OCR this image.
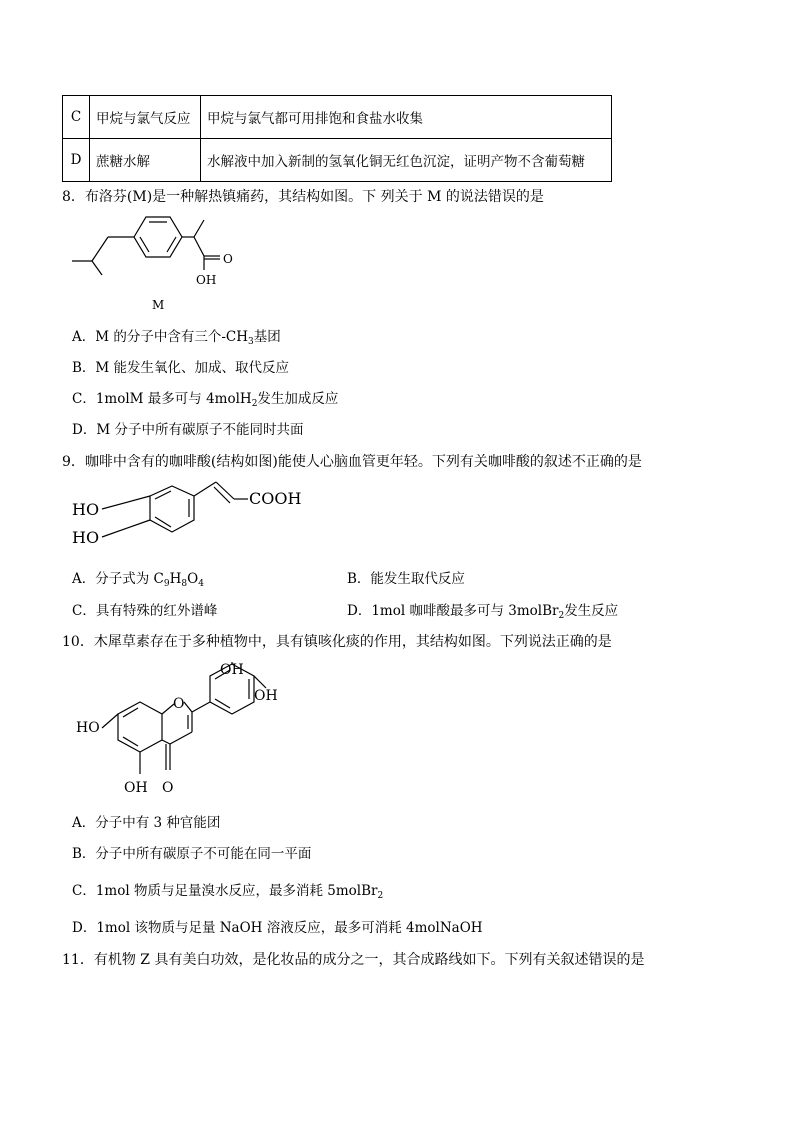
C	甲烷与氯气反应	甲烷与氯气都可用排饱和食盐水收集
D	蔗糖水解	水解液中加入新制的氢氧化铜无红色沉淀，证明产物不含葡萄糖
8．布洛芬(M)是一种解热镇痛药，其结构如图。下 列关于 M 的说法错误的是
O
OH
M
A．M 的分子中含有三个$-CH_3$基团
B．M 能发生氧化、加成、取代反应
C．1molM 最多可与 4molH$_2$发生加成反应
D．M 分子中所有碳原子不能同时共面
9．咖啡中含有的咖啡酸(结构如图)能使人心脑血管更年轻。下列有关咖啡酸的叙述不正确的是
HO
HO
COOH
A．分子式为 $C_9H_8O_4$	B．能发生取代反应
C．具有特殊的红外谱峰	D．1mol 咖啡酸最多可与 3molBr$_2$发生反应
10．木犀草素存在于多种植物中，具有镇咳化痰的作用，其结构如图。下列说法正确的是
OH
OH
HO
OH
O
O
A．分子中有 3 种官能团
B．分子中所有碳原子不可能在同一平面
C．1mol 物质与足量溴水反应，最多消耗 5molBr$_2$
D．1mol 该物质与足量 NaOH 溶液反应，最多可消耗 4molNaOH
11．有机物 Z 具有美白功效，是化妆品的成分之一，其合成路线如下。下列有关叙述错误的是
